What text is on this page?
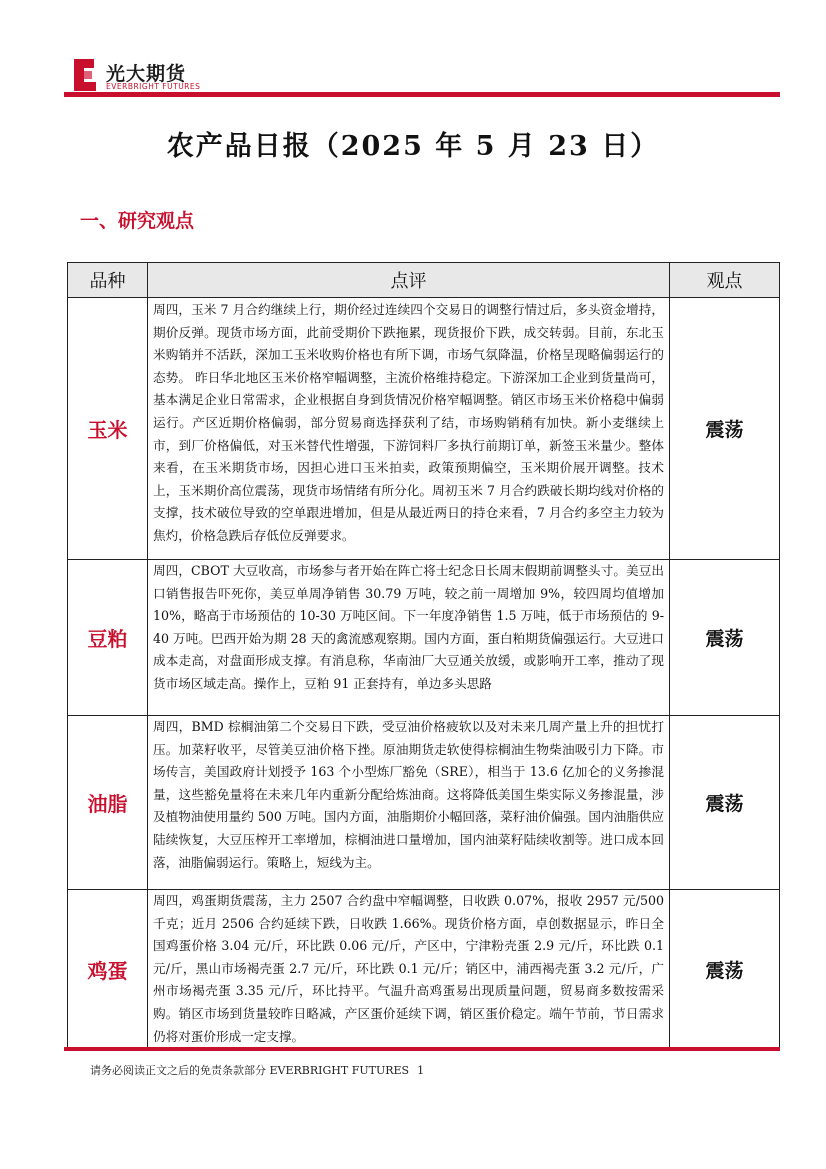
光大期货
EVERBRIGHT FUTURES
农产品日报（2025 年 5 月 23 日）
一、研究观点
品种	点评	观点
玉米	周四，玉米 7 月合约继续上行，期价经过连续四个交易日的调整行情过后，多头资金增持，期价反弹。现货市场方面，此前受期价下跌拖累，现货报价下跌，成交转弱。目前，东北玉米购销并不活跃，深加工玉米收购价格也有所下调，市场气氛降温，价格呈现略偏弱运行的态势。 昨日华北地区玉米价格窄幅调整，主流价格维持稳定。下游深加工企业到货量尚可，基本满足企业日常需求，企业根据自身到货情况价格窄幅调整。销区市场玉米价格稳中偏弱运行。产区近期价格偏弱，部分贸易商选择获利了结，市场购销稍有加快。新小麦继续上市，到厂价格偏低，对玉米替代性增强，下游饲料厂多执行前期订单，新签玉米量少。整体来看，在玉米期货市场，因担心进口玉米拍卖，政策预期偏空，玉米期价展开调整。技术上，玉米期价高位震荡，现货市场情绪有所分化。周初玉米 7 月合约跌破长期均线对价格的支撑，技术破位导致的空单跟进增加，但是从最近两日的持仓来看，7 月合约多空主力较为焦灼，价格急跌后存低位反弹要求。	震荡
豆粕	周四，CBOT 大豆收高，市场参与者开始在阵亡将士纪念日长周末假期前调整头寸。美豆出口销售报告吓死你，美豆单周净销售 30.79 万吨，较之前一周增加 9%，较四周均值增加 10%，略高于市场预估的 10-30 万吨区间。下一年度净销售 1.5 万吨，低于市场预估的 9-40 万吨。巴西开始为期 28 天的禽流感观察期。国内方面，蛋白粕期货偏强运行。大豆进口成本走高，对盘面形成支撑。有消息称，华南油厂大豆通关放缓，或影响开工率，推动了现货市场区域走高。操作上，豆粕 91 正套持有，单边多头思路	震荡
油脂	周四，BMD 棕榈油第二个交易日下跌，受豆油价格疲软以及对未来几周产量上升的担忧打压。加菜籽收平，尽管美豆油价格下挫。原油期货走软使得棕榈油生物柴油吸引力下降。市场传言，美国政府计划授予 163 个小型炼厂豁免（SRE），相当于 13.6 亿加仑的义务掺混量，这些豁免量将在未来几年内重新分配给炼油商。这将降低美国生柴实际义务掺混量，涉及植物油使用量约 500 万吨。国内方面，油脂期价小幅回落，菜籽油价偏强。国内油脂供应陆续恢复，大豆压榨开工率增加，棕榈油进口量增加，国内油菜籽陆续收割等。进口成本回落，油脂偏弱运行。策略上，短线为主。	震荡
鸡蛋	周四，鸡蛋期货震荡，主力 2507 合约盘中窄幅调整，日收跌 0.07%，报收 2957 元/500 千克；近月 2506 合约延续下跌，日收跌 1.66%。现货价格方面，卓创数据显示，昨日全国鸡蛋价格 3.04 元/斤，环比跌 0.06 元/斤，产区中，宁津粉壳蛋 2.9 元/斤，环比跌 0.1 元/斤，黑山市场褐壳蛋 2.7 元/斤，环比跌 0.1 元/斤；销区中，浦西褐壳蛋 3.2 元/斤，广州市场褐壳蛋 3.35 元/斤，环比持平。气温升高鸡蛋易出现质量问题，贸易商多数按需采购。销区市场到货量较昨日略减，产区蛋价延续下调，销区蛋价稳定。端午节前，节日需求仍将对蛋价形成一定支撑。	震荡
请务必阅读正文之后的免责条款部分 EVERBRIGHT FUTURES 1
